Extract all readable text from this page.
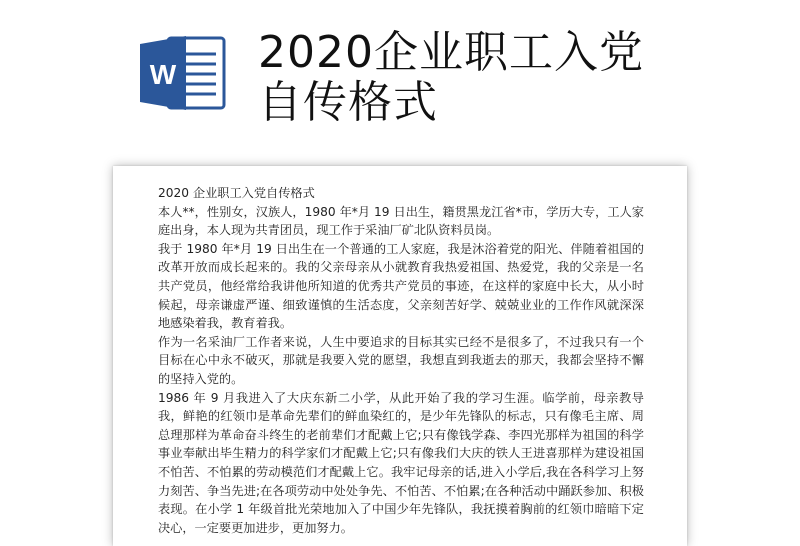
W 2020企业职工入党自传格式

2020 企业职工入党自传格式

本人**，性别女，汉族人，1980 年*月 19 日出生，籍贯黑龙江省*市，学历大专，工人家庭出身，本人现为共青团员，现工作于采油厂矿北队资料员岗。

我于 1980 年*月 19 日出生在一个普通的工人家庭，我是沐浴着党的阳光、伴随着祖国的改革开放而成长起来的。我的父亲母亲从小就教育我热爱祖国、热爱党，我的父亲是一名共产党员，他经常给我讲他所知道的优秀共产党员的事迹，在这样的家庭中长大，从小时候起，母亲谦虚严谨、细致谨慎的生活态度，父亲刻苦好学、兢兢业业的工作作风就深深地感染着我，教育着我。

作为一名采油厂工作者来说，人生中要追求的目标其实已经不是很多了，不过我只有一个目标在心中永不破灭，那就是我要入党的愿望，我想直到我逝去的那天，我都会坚持不懈的坚持入党的。

1986 年 9 月我进入了大庆东新二小学，从此开始了我的学习生涯。临学前，母亲教导我，鲜艳的红领巾是革命先辈们的鲜血染红的，是少年先锋队的标志，只有像毛主席、周总理那样为革命奋斗终生的老前辈们才配戴上它;只有像钱学森、李四光那样为祖国的科学事业奉献出毕生精力的科学家们才配戴上它;只有像我们大庆的铁人王进喜那样为建设祖国不怕苦、不怕累的劳动模范们才配戴上它。我牢记母亲的话,进入小学后,我在各科学习上努力刻苦、争当先进;在各项劳动中处处争先、不怕苦、不怕累;在各种活动中踊跃参加、积极表现。在小学 1 年级首批光荣地加入了中国少年先锋队，我抚摸着胸前的红领巾暗暗下定决心，一定要更加进步，更加努力。
